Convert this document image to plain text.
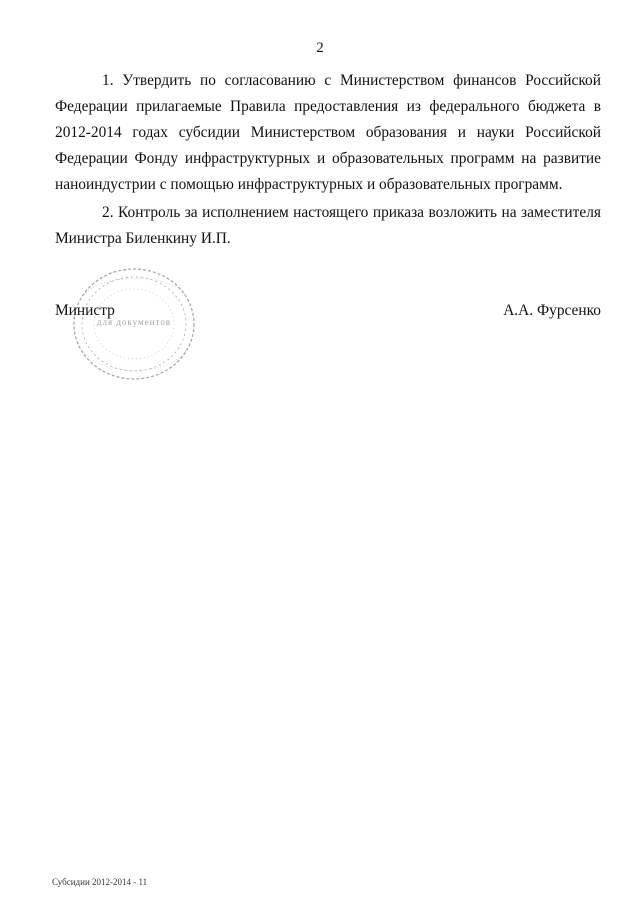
2

1. Утвердить по согласованию с Министерством финансов Российской Федерации прилагаемые Правила предоставления из федерального бюджета в 2012-2014 годах субсидии Министерством образования и науки Российской Федерации Фонду инфраструктурных и образовательных программ на развитие наноиндустрии с помощью инфраструктурных и образовательных программ.

2. Контроль за исполнением настоящего приказа возложить на заместителя Министра Биленкину И.П.

для документов
Министр	А.А. Фурсенко
Субсидии 2012-2014 - 11
